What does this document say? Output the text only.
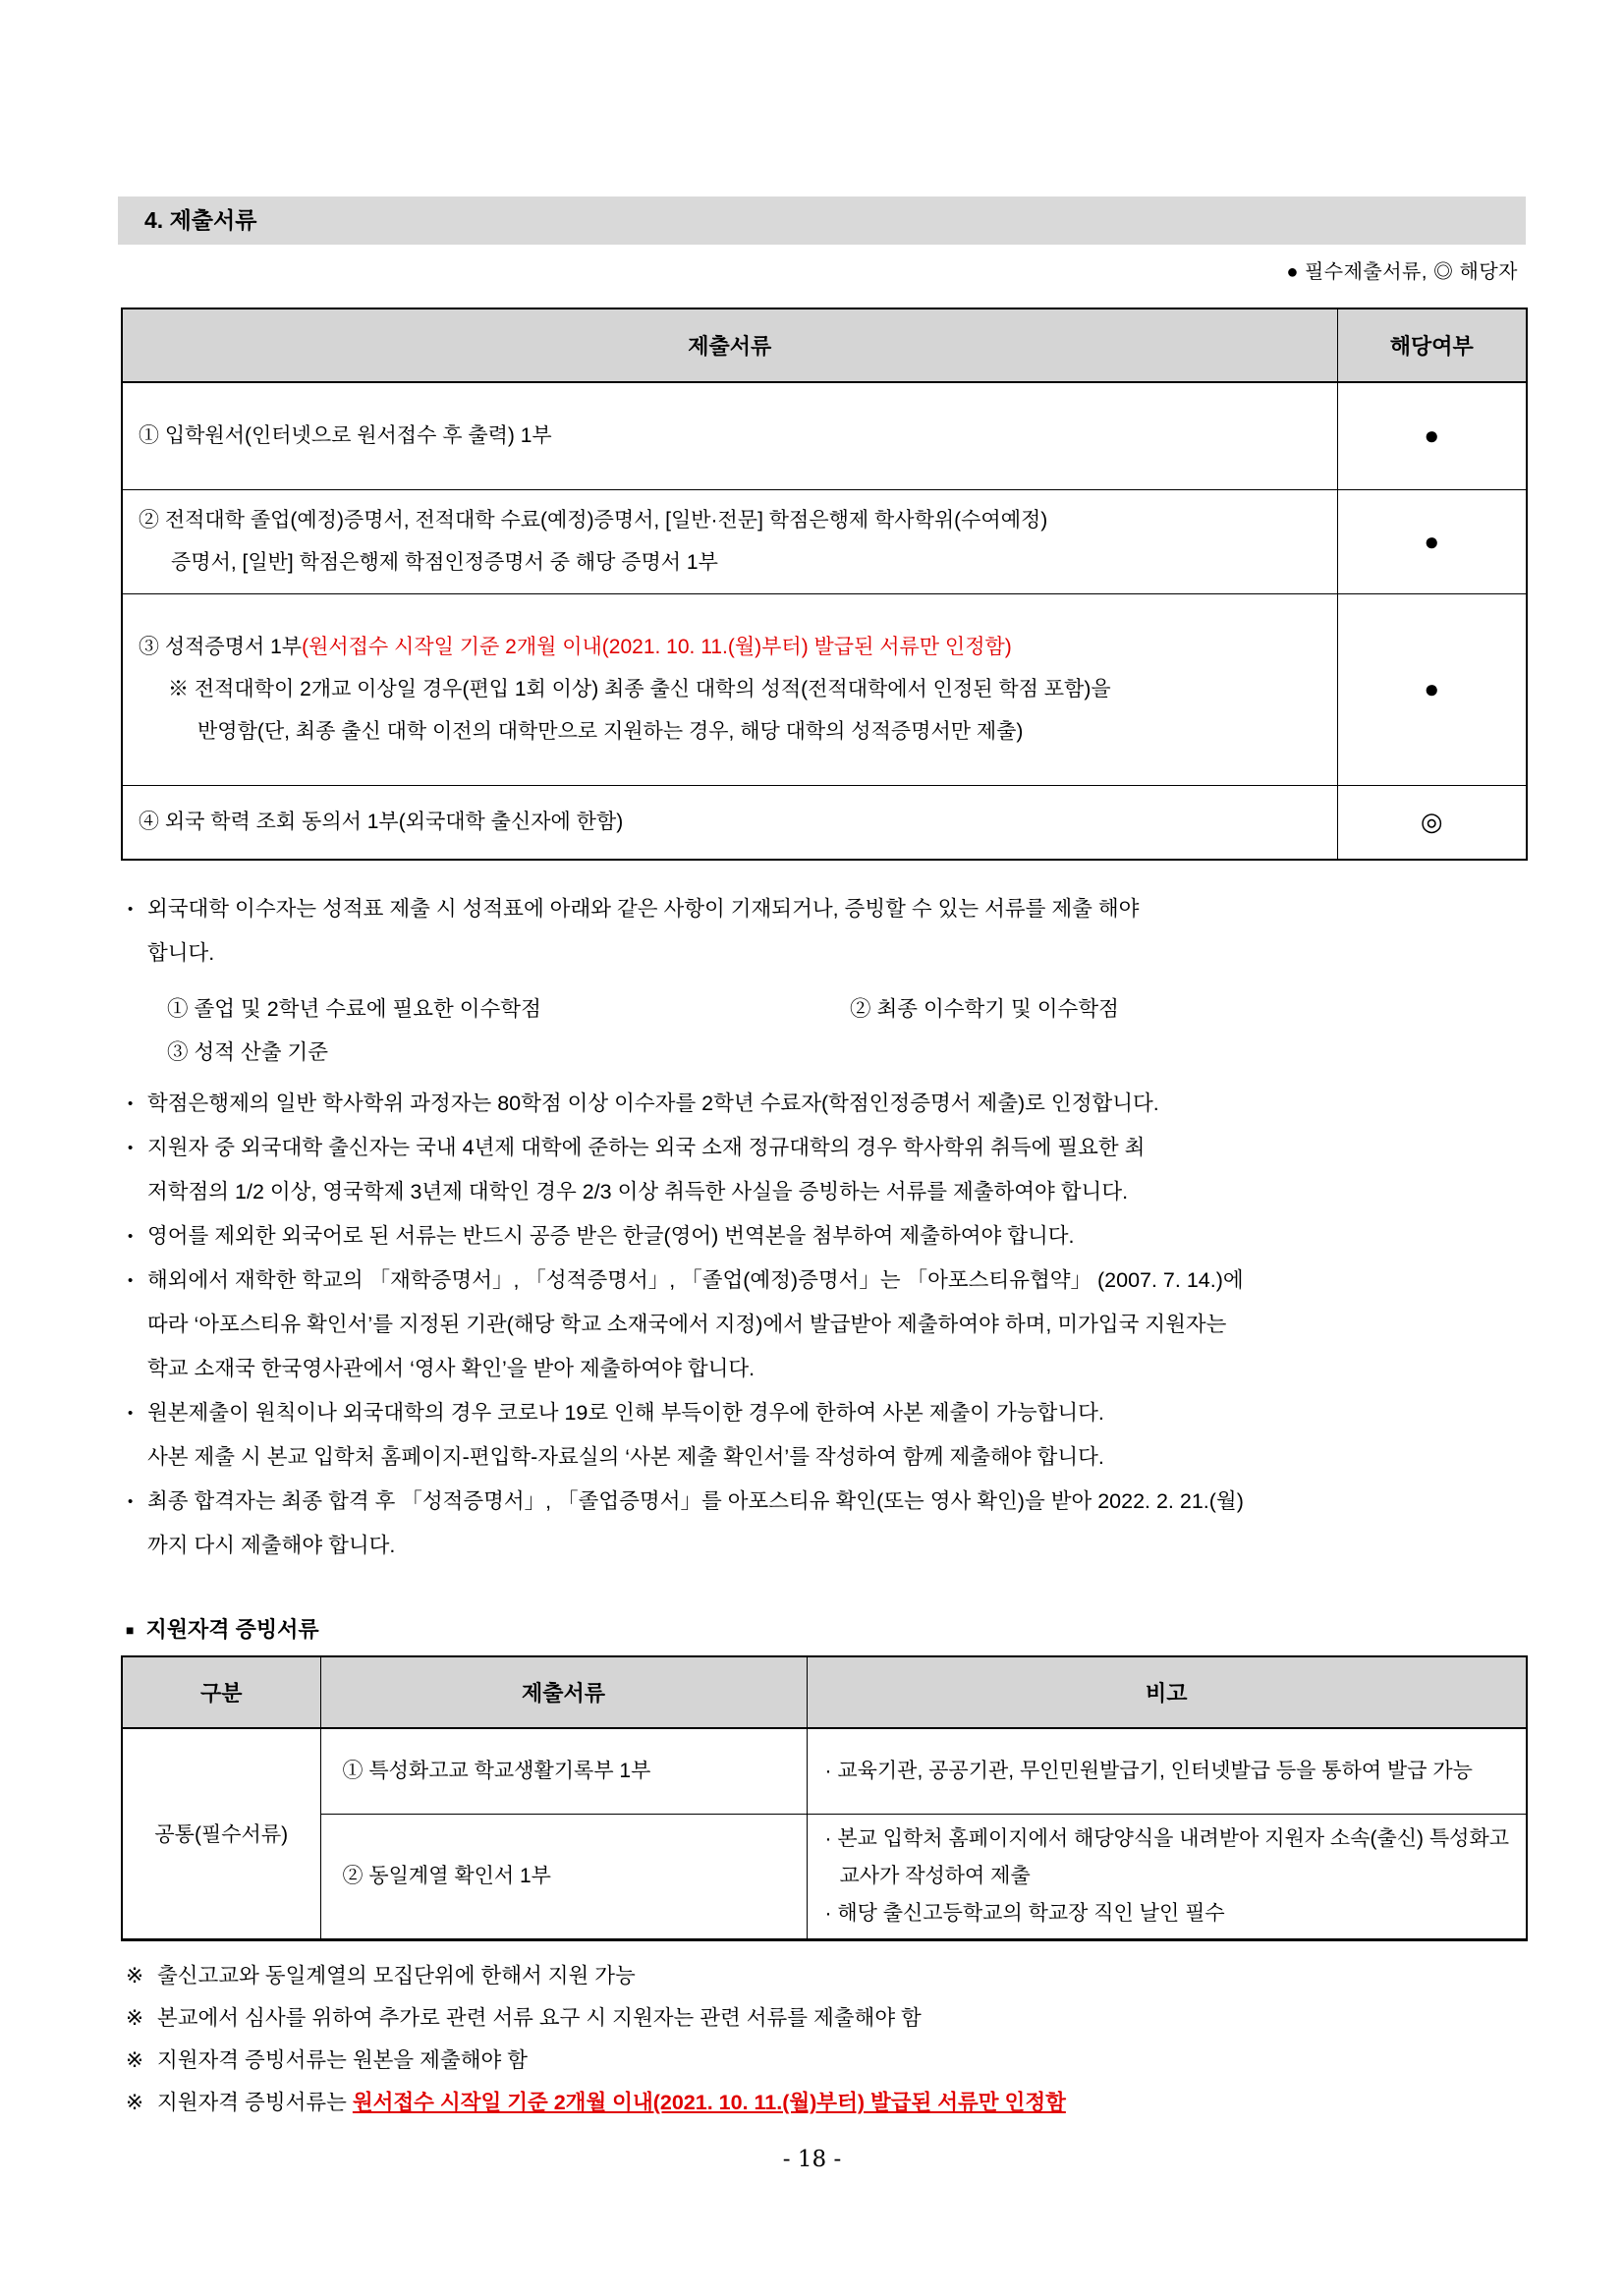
4. 제출서류
● 필수제출서류, ◎ 해당자
제출서류	해당여부

① 입학원서(인터넷으로 원서접수 후 출력) 1부	●

② 전적대학 졸업(예정)증명서, 전적대학 수료(예정)증명서, [일반·전문] 학점은행제 학사학위(수여예정)
증명서, [일반] 학점은행제 학점인정증명서 중 해당 증명서 1부	●

③ 성적증명서 1부(원서접수 시작일 기준 2개월 이내(2021. 10. 11.(월)부터) 발급된 서류만 인정함)
※ 전적대학이 2개교 이상일 경우(편입 1회 이상) 최종 출신 대학의 성적(전적대학에서 인정된 학점 포함)을
반영함(단, 최종 출신 대학 이전의 대학만으로 지원하는 경우, 해당 대학의 성적증명서만 제출)	●

④ 외국 학력 조회 동의서 1부(외국대학 출신자에 한함)	◎
• 외국대학 이수자는 성적표 제출 시 성적표에 아래와 같은 사항이 기재되거나, 증빙할 수 있는 서류를 제출 해야
합니다.
① 졸업 및 2학년 수료에 필요한 이수학점	② 최종 이수학기 및 이수학점
③ 성적 산출 기준
• 학점은행제의 일반 학사학위 과정자는 80학점 이상 이수자를 2학년 수료자(학점인정증명서 제출)로 인정합니다.
• 지원자 중 외국대학 출신자는 국내 4년제 대학에 준하는 외국 소재 정규대학의 경우 학사학위 취득에 필요한 최
저학점의 1/2 이상, 영국학제 3년제 대학인 경우 2/3 이상 취득한 사실을 증빙하는 서류를 제출하여야 합니다.
• 영어를 제외한 외국어로 된 서류는 반드시 공증 받은 한글(영어) 번역본을 첨부하여 제출하여야 합니다.
• 해외에서 재학한 학교의 「재학증명서」, 「성적증명서」, 「졸업(예정)증명서」는 「아포스티유협약」 (2007. 7. 14.)에
따라 ‘아포스티유 확인서’를 지정된 기관(해당 학교 소재국에서 지정)에서 발급받아 제출하여야 하며, 미가입국 지원자는
학교 소재국 한국영사관에서 ‘영사 확인’을 받아 제출하여야 합니다.
• 원본제출이 원칙이나 외국대학의 경우 코로나 19로 인해 부득이한 경우에 한하여 사본 제출이 가능합니다.
사본 제출 시 본교 입학처 홈페이지-편입학-자료실의 ‘사본 제출 확인서’를 작성하여 함께 제출해야 합니다.
• 최종 합격자는 최종 합격 후 「성적증명서」, 「졸업증명서」를 아포스티유 확인(또는 영사 확인)을 받아 2022. 2. 21.(월)
까지 다시 제출해야 합니다.
■ 지원자격 증빙서류
구분	제출서류	비고
공통(필수서류)	① 특성화고교 학교생활기록부 1부	· 교육기관, 공공기관, 무인민원발급기, 인터넷발급 등을 통하여 발급 가능

	② 동일계열 확인서 1부	· 본교 입학처 홈페이지에서 해당양식을 내려받아 지원자 소속(출신) 특성화고 교사가 작성하여 제출
· 해당 출신고등학교의 학교장 직인 날인 필수
※ 출신고교와 동일계열의 모집단위에 한해서 지원 가능
※ 본교에서 심사를 위하여 추가로 관련 서류 요구 시 지원자는 관련 서류를 제출해야 함
※ 지원자격 증빙서류는 원본을 제출해야 함
※ 지원자격 증빙서류는 원서접수 시작일 기준 2개월 이내(2021. 10. 11.(월)부터) 발급된 서류만 인정함
- 18 -
